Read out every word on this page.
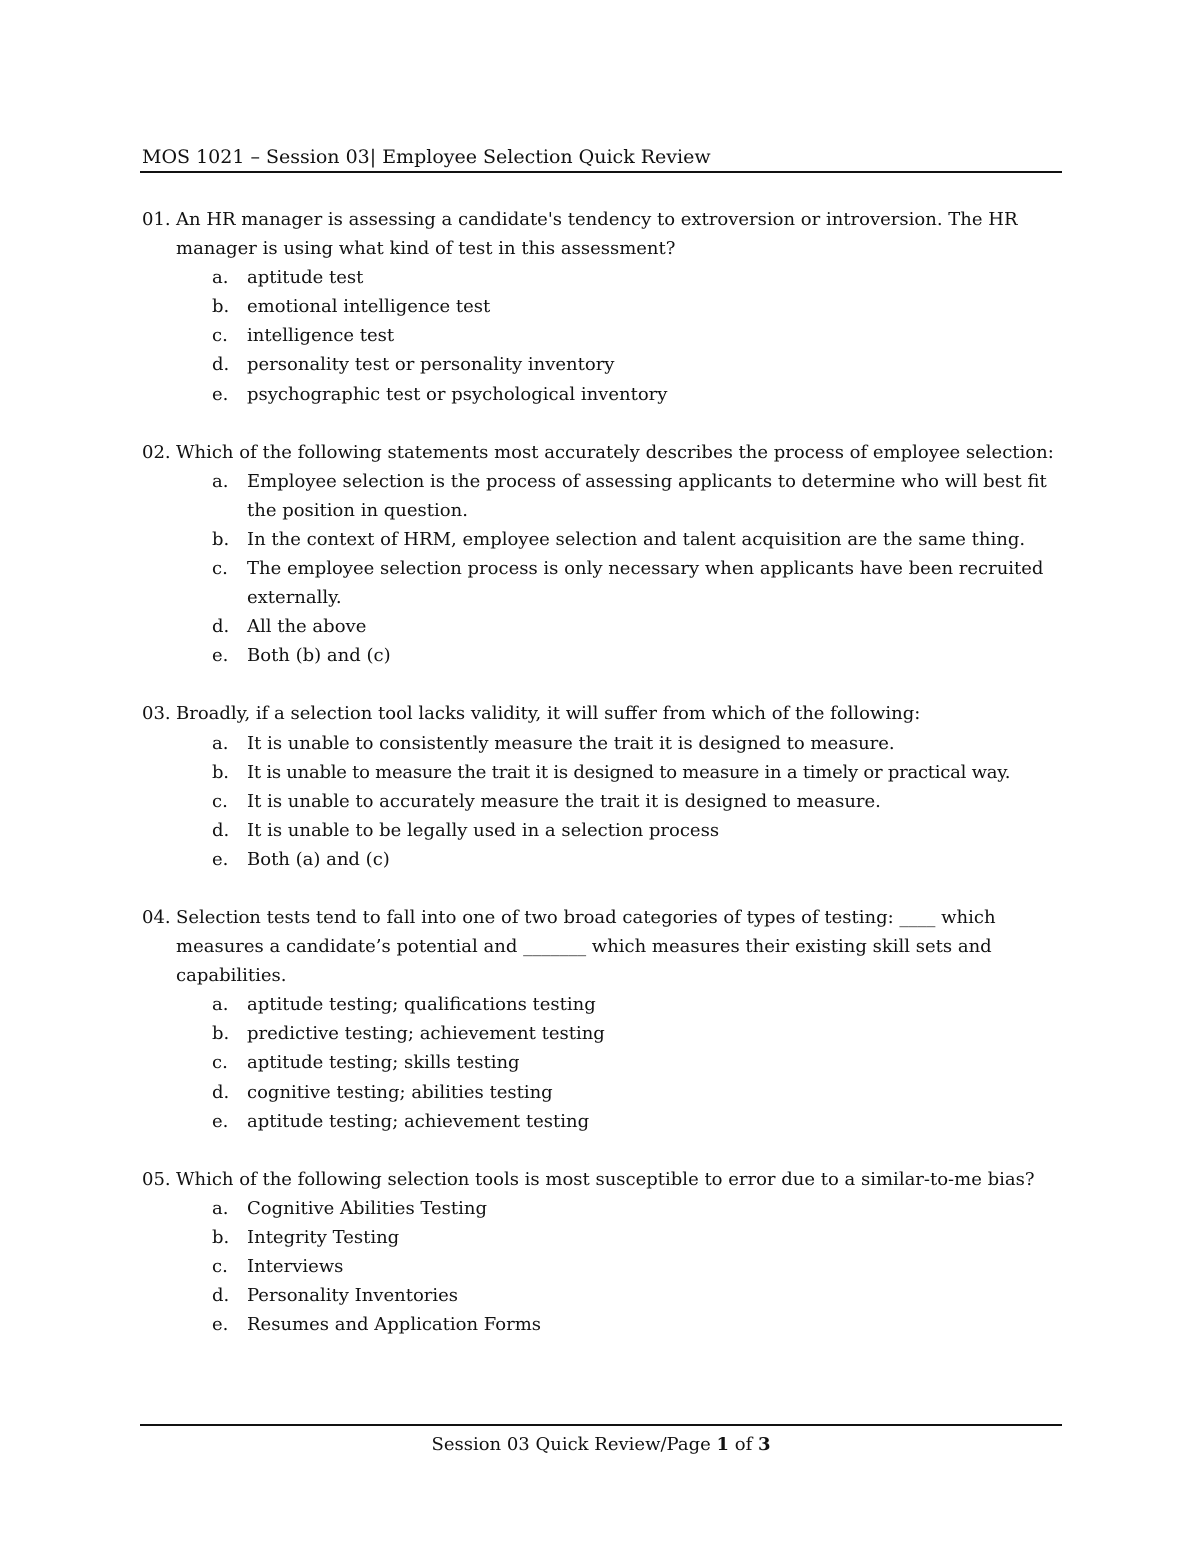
MOS 1021 – Session 03| Employee Selection Quick Review
01. An HR manager is assessing a candidate's tendency to extroversion or introversion. The HR manager is using what kind of test in this assessment?
a. aptitude test
b. emotional intelligence test
c. intelligence test
d. personality test or personality inventory
e. psychographic test or psychological inventory
02. Which of the following statements most accurately describes the process of employee selection:
a. Employee selection is the process of assessing applicants to determine who will best fit the position in question.
b. In the context of HRM, employee selection and talent acquisition are the same thing.
c. The employee selection process is only necessary when applicants have been recruited externally.
d. All the above
e. Both (b) and (c)
03. Broadly, if a selection tool lacks validity, it will suffer from which of the following:
a. It is unable to consistently measure the trait it is designed to measure.
b. It is unable to measure the trait it is designed to measure in a timely or practical way.
c. It is unable to accurately measure the trait it is designed to measure.
d. It is unable to be legally used in a selection process
e. Both (a) and (c)
04. Selection tests tend to fall into one of two broad categories of types of testing: ____ which measures a candidate’s potential and _______ which measures their existing skill sets and capabilities.
a. aptitude testing; qualifications testing
b. predictive testing; achievement testing
c. aptitude testing; skills testing
d. cognitive testing; abilities testing
e. aptitude testing; achievement testing
05. Which of the following selection tools is most susceptible to error due to a similar-to-me bias?
a. Cognitive Abilities Testing
b. Integrity Testing
c. Interviews
d. Personality Inventories
e. Resumes and Application Forms
Session 03 Quick Review/Page 1 of 3
